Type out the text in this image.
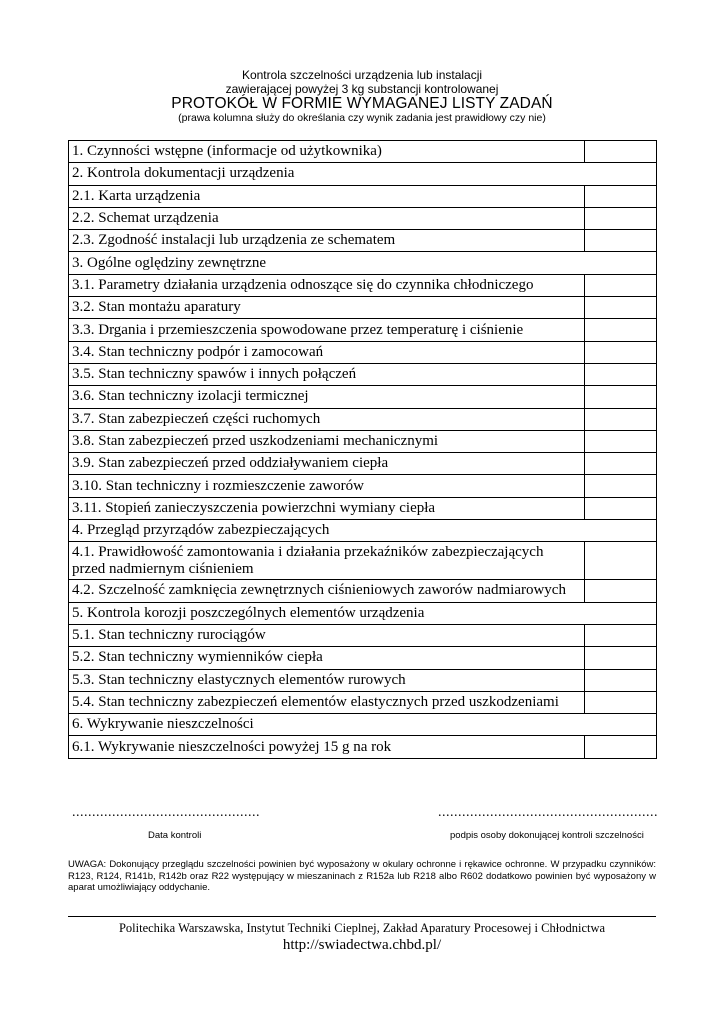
Kontrola szczelności urządzenia lub instalacji
zawierającej powyżej 3 kg substancji kontrolowanej
PROTOKÓŁ W FORMIE WYMAGANEJ LISTY ZADAŃ
(prawa kolumna służy do określania czy wynik zadania jest prawidłowy czy nie)
1. Czynności wstępne (informacje od użytkownika)	
2. Kontrola dokumentacji urządzenia	
2.1. Karta urządzenia	
2.2. Schemat urządzenia	
2.3. Zgodność instalacji lub urządzenia ze schematem	
3. Ogólne oględziny zewnętrzne	
3.1. Parametry działania urządzenia odnoszące się do czynnika chłodniczego	
3.2. Stan montażu aparatury	
3.3. Drgania i przemieszczenia spowodowane przez temperaturę i ciśnienie	
3.4. Stan techniczny podpór i zamocowań	
3.5. Stan techniczny spawów i innych połączeń	
3.6. Stan techniczny izolacji termicznej	
3.7. Stan zabezpieczeń części ruchomych	
3.8. Stan zabezpieczeń przed uszkodzeniami mechanicznymi	
3.9. Stan zabezpieczeń przed oddziaływaniem ciepła	
3.10. Stan techniczny i rozmieszczenie zaworów	
3.11. Stopień zanieczyszczenia powierzchni wymiany ciepła	
4. Przegląd przyrządów zabezpieczających	
4.1. Prawidłowość zamontowania i działania przekaźników zabezpieczających przed nadmiernym ciśnieniem	
4.2. Szczelność zamknięcia zewnętrznych ciśnieniowych zaworów nadmiarowych	
5. Kontrola korozji poszczególnych elementów urządzenia	
5.1. Stan techniczny rurociągów	
5.2. Stan techniczny wymienników ciepła	
5.3. Stan techniczny elastycznych elementów rurowych	
5.4. Stan techniczny zabezpieczeń elementów elastycznych przed uszkodzeniami	
6. Wykrywanie nieszczelności	
6.1. Wykrywanie nieszczelności powyżej 15 g na rok	
...............................................	.......................................................
Data kontroli	podpis osoby dokonującej kontroli szczelności
UWAGA: Dokonujący przeglądu szczelności powinien być wyposażony w okulary ochronne i rękawice ochronne. W przypadku czynników: R123, R124, R141b, R142b oraz R22 występujący w mieszaninach z R152a lub R218 albo R602 dodatkowo powinien być wyposażony w aparat umożliwiający oddychanie.
Politechika Warszawska, Instytut Techniki Cieplnej, Zakład Aparatury Procesowej i Chłodnictwa
http://swiadectwa.chbd.pl/
